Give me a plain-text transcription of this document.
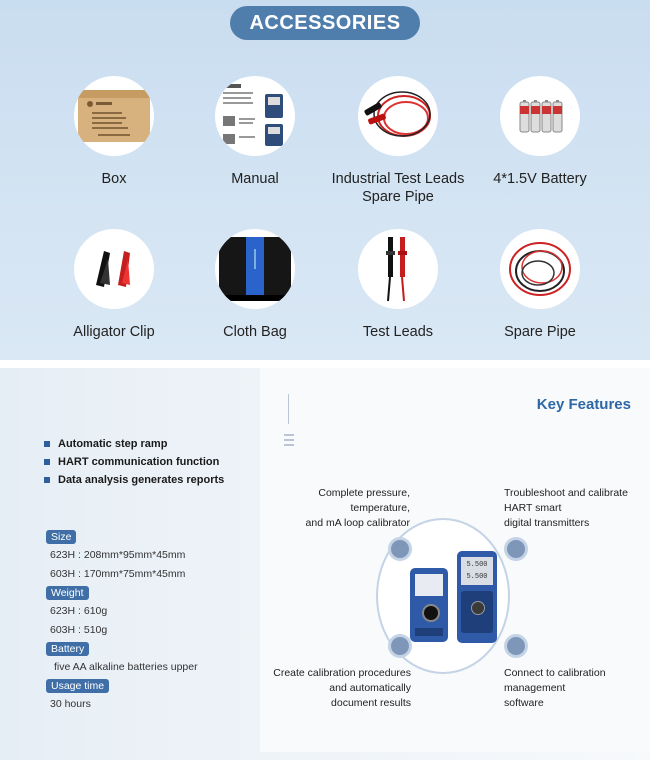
ACCESSORIES
Box	Manual	Industrial Test Leads Spare Pipe
4*1.5V Battery
Alligator Clip	Cloth Bag	Test Leads	Spare Pipe
Key Features
Automatic step ramp
HART communication function
Data analysis generates reports
Size
623H : 208mm*95mm*45mm
603H : 170mm*75mm*45mm
Weight
623H : 610g
603H : 510g
Battery
five AA alkaline batteries upper
Usage time
30 hours
Complete pressure,
temperature,
and mA loop calibrator
Troubleshoot and calibrate
HART smart
digital transmitters
Create calibration procedures
and automatically
document results
Connect to calibration
management
software
5.500
5.500
